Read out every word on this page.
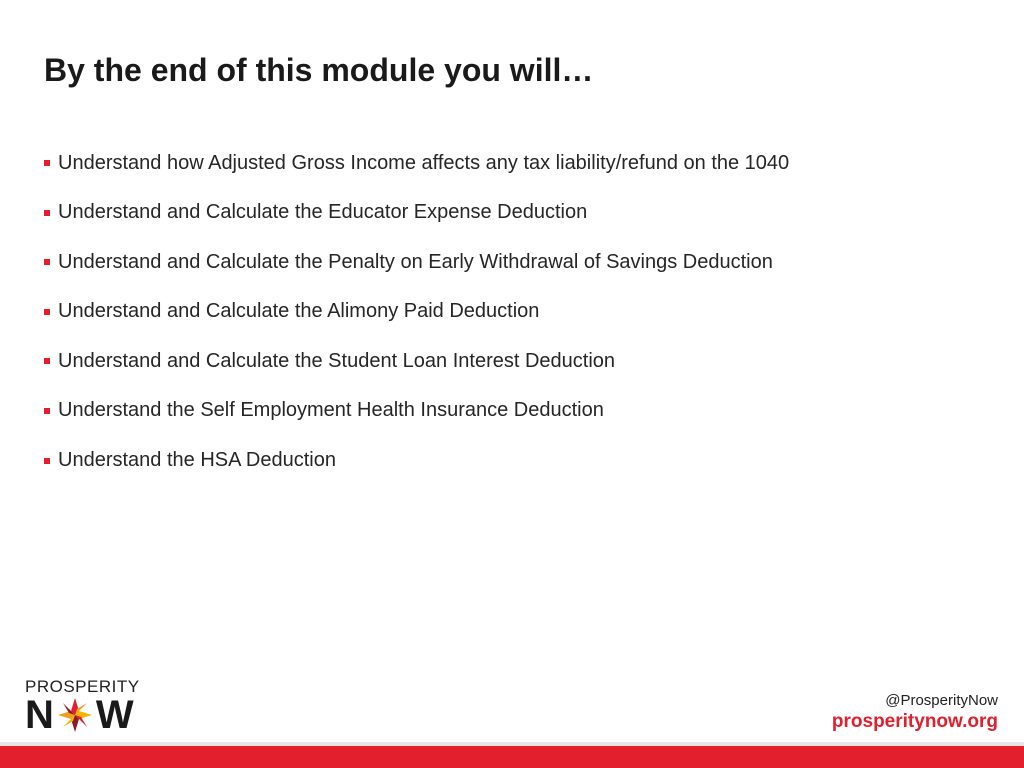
By the end of this module you will…
Understand how Adjusted Gross Income affects any tax liability/refund on the 1040
Understand and Calculate the Educator Expense Deduction
Understand and Calculate the Penalty on Early Withdrawal of Savings Deduction
Understand and Calculate the Alimony Paid Deduction
Understand and Calculate the Student Loan Interest Deduction
Understand the Self Employment Health Insurance Deduction
Understand the HSA Deduction
PROSPERITY
N W	@ProsperityNow
prosperitynow.org
